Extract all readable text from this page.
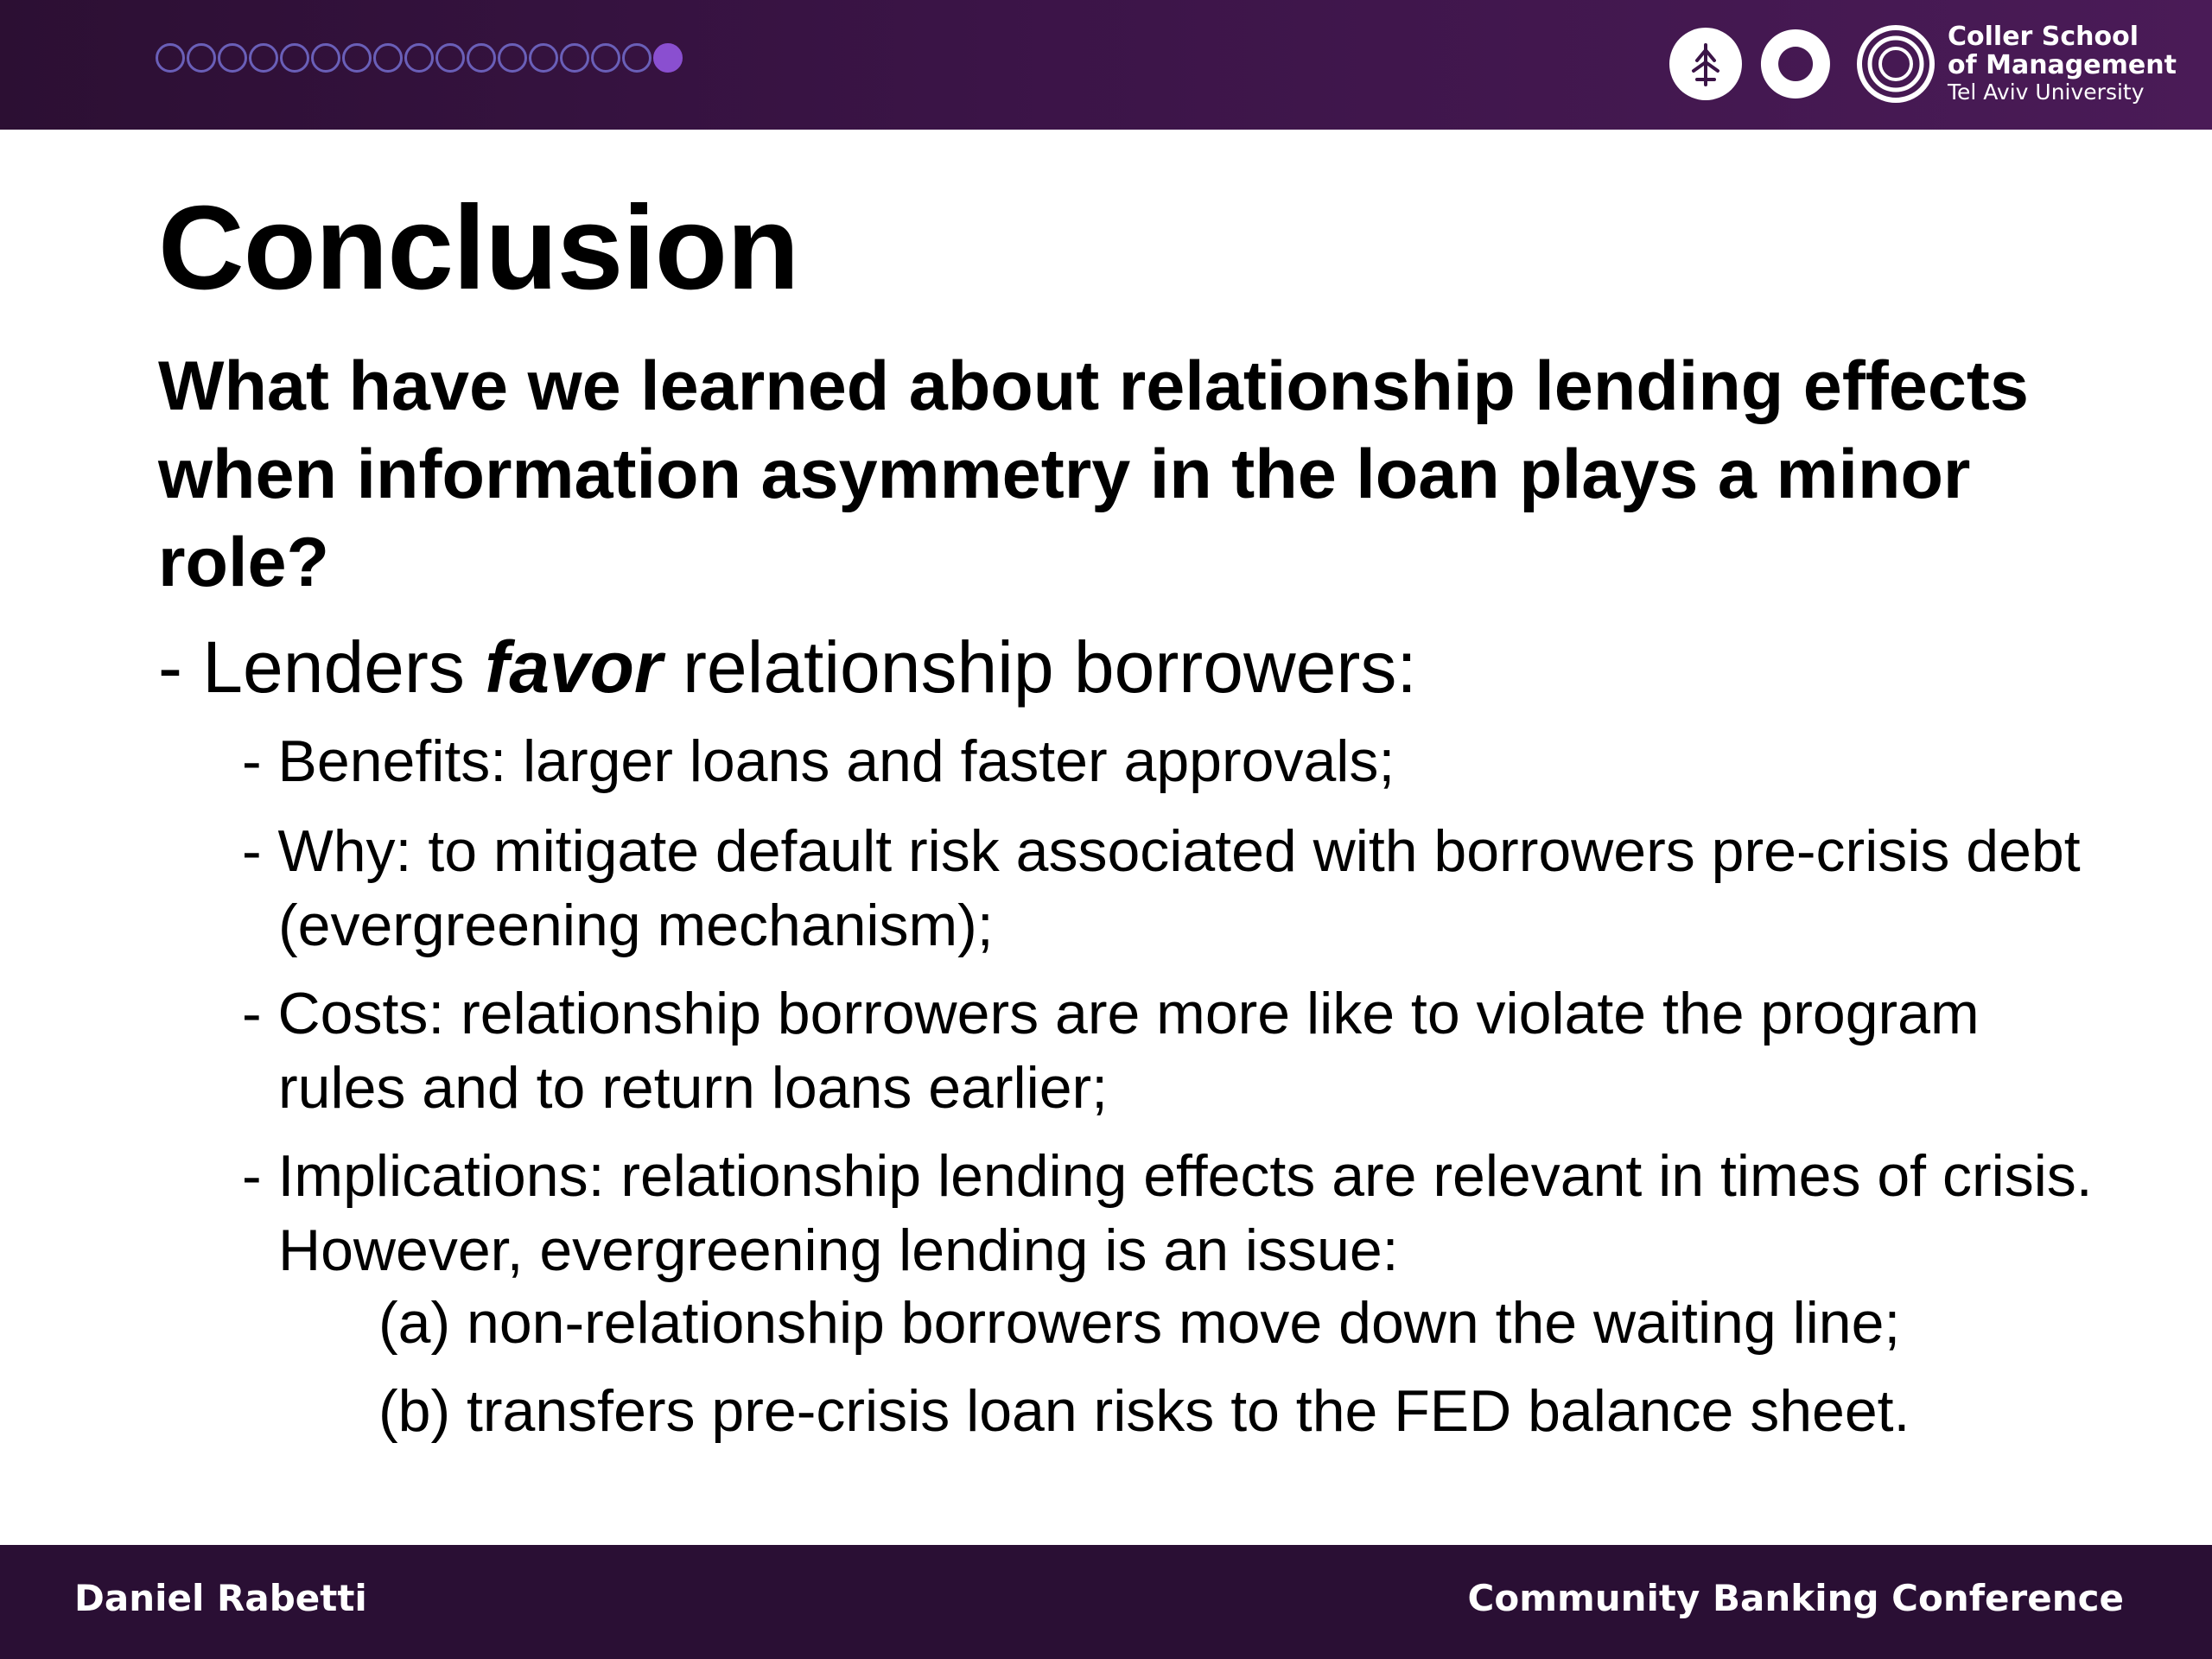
Coller School
of Management
Tel Aviv University
Conclusion

What have we learned about relationship lending effects when information asymmetry in the loan plays a minor role?

- Lenders favor relationship borrowers:

- Benefits: larger loans and faster approvals;

- Why: to mitigate default risk associated with borrowers pre-crisis debt (evergreening mechanism);

- Costs: relationship borrowers are more like to violate the program rules and to return loans earlier;

- Implications: relationship lending effects are relevant in times of crisis. However, evergreening lending is an issue:

(a) non-relationship borrowers move down the waiting line;

(b) transfers pre-crisis loan risks to the FED balance sheet.

Daniel Rabetti	Community Banking Conference
